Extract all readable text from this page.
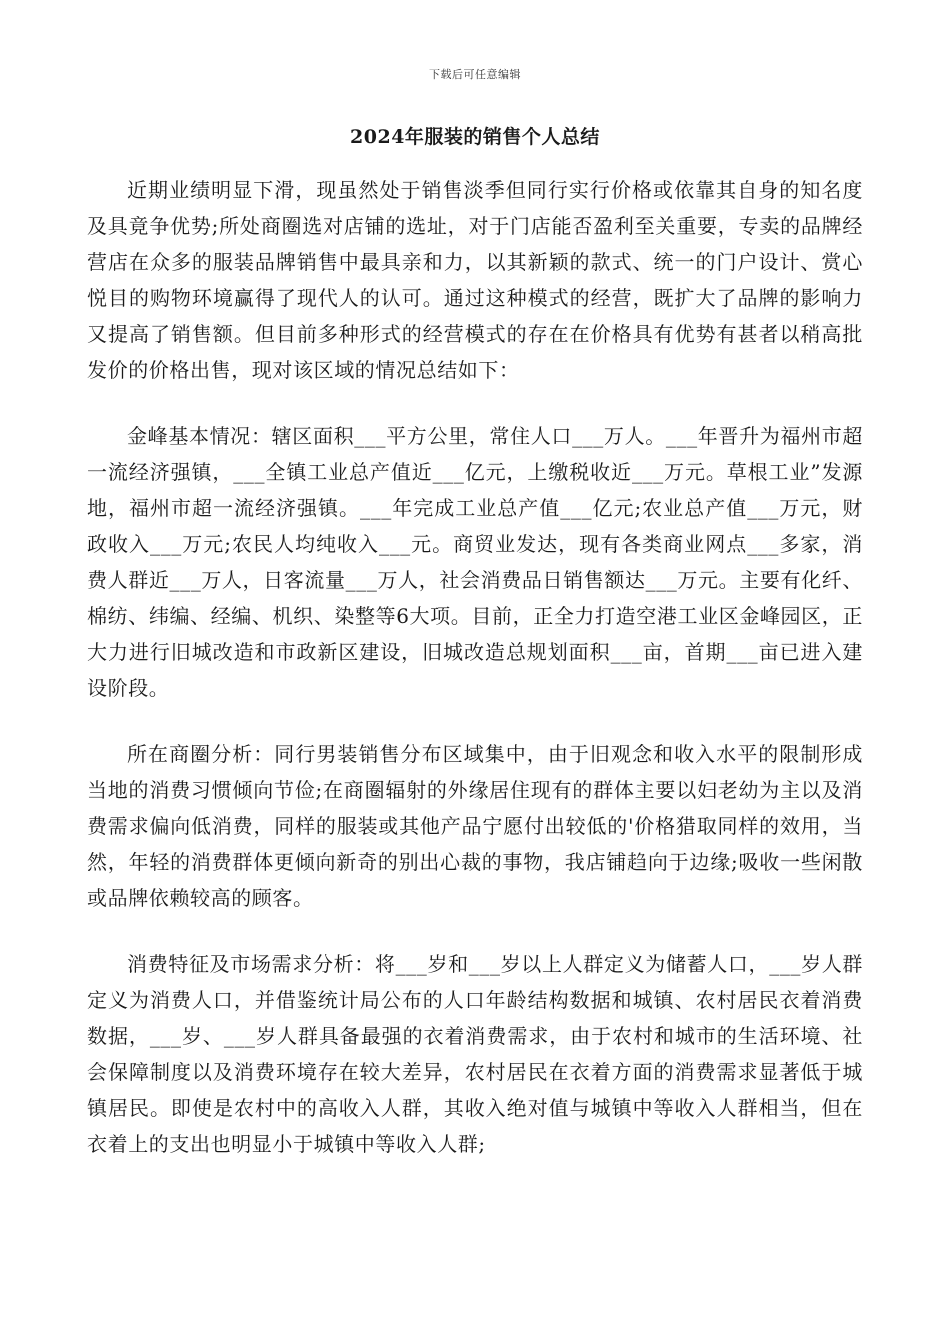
下载后可任意编辑
2024年服装的销售个人总结

近期业绩明显下滑，现虽然处于销售淡季但同行实行价格或依靠其自身的知名度及具竟争优势;所处商圈选对店铺的选址，对于门店能否盈利至关重要，专卖的品牌经营店在众多的服装品牌销售中最具亲和力，以其新颖的款式、统一的门户设计、赏心悦目的购物环境赢得了现代人的认可。通过这种模式的经营，既扩大了品牌的影响力又提高了销售额。但目前多种形式的经营模式的存在在价格具有优势有甚者以稍高批发价的价格出售，现对该区域的情况总结如下：

金峰基本情况：辖区面积___平方公里，常住人口___万人。___年晋升为福州市超一流经济强镇，___全镇工业总产值近___亿元，上缴税收近___万元。草根工业”发源地，福州市超一流经济强镇。___年完成工业总产值___亿元;农业总产值___万元，财政收入___万元;农民人均纯收入___元。商贸业发达，现有各类商业网点___多家，消费人群近___万人，日客流量___万人，社会消费品日销售额达___万元。主要有化纤、棉纺、纬编、经编、机织、染整等6大项。目前，正全力打造空港工业区金峰园区，正大力进行旧城改造和市政新区建设，旧城改造总规划面积___亩，首期___亩已进入建设阶段。

所在商圈分析：同行男装销售分布区域集中，由于旧观念和收入水平的限制形成当地的消费习惯倾向节俭;在商圈辐射的外缘居住现有的群体主要以妇老幼为主以及消费需求偏向低消费，同样的服装或其他产品宁愿付出较低的'价格猎取同样的效用，当然，年轻的消费群体更倾向新奇的别出心裁的事物，我店铺趋向于边缘;吸收一些闲散或品牌依赖较高的顾客。

消费特征及市场需求分析：将___岁和___岁以上人群定义为储蓄人口，___岁人群定义为消费人口，并借鉴统计局公布的人口年龄结构数据和城镇、农村居民衣着消费数据，___岁、___岁人群具备最强的衣着消费需求，由于农村和城市的生活环境、社会保障制度以及消费环境存在较大差异，农村居民在衣着方面的消费需求显著低于城镇居民。即使是农村中的高收入人群，其收入绝对值与城镇中等收入人群相当，但在衣着上的支出也明显小于城镇中等收入人群;
